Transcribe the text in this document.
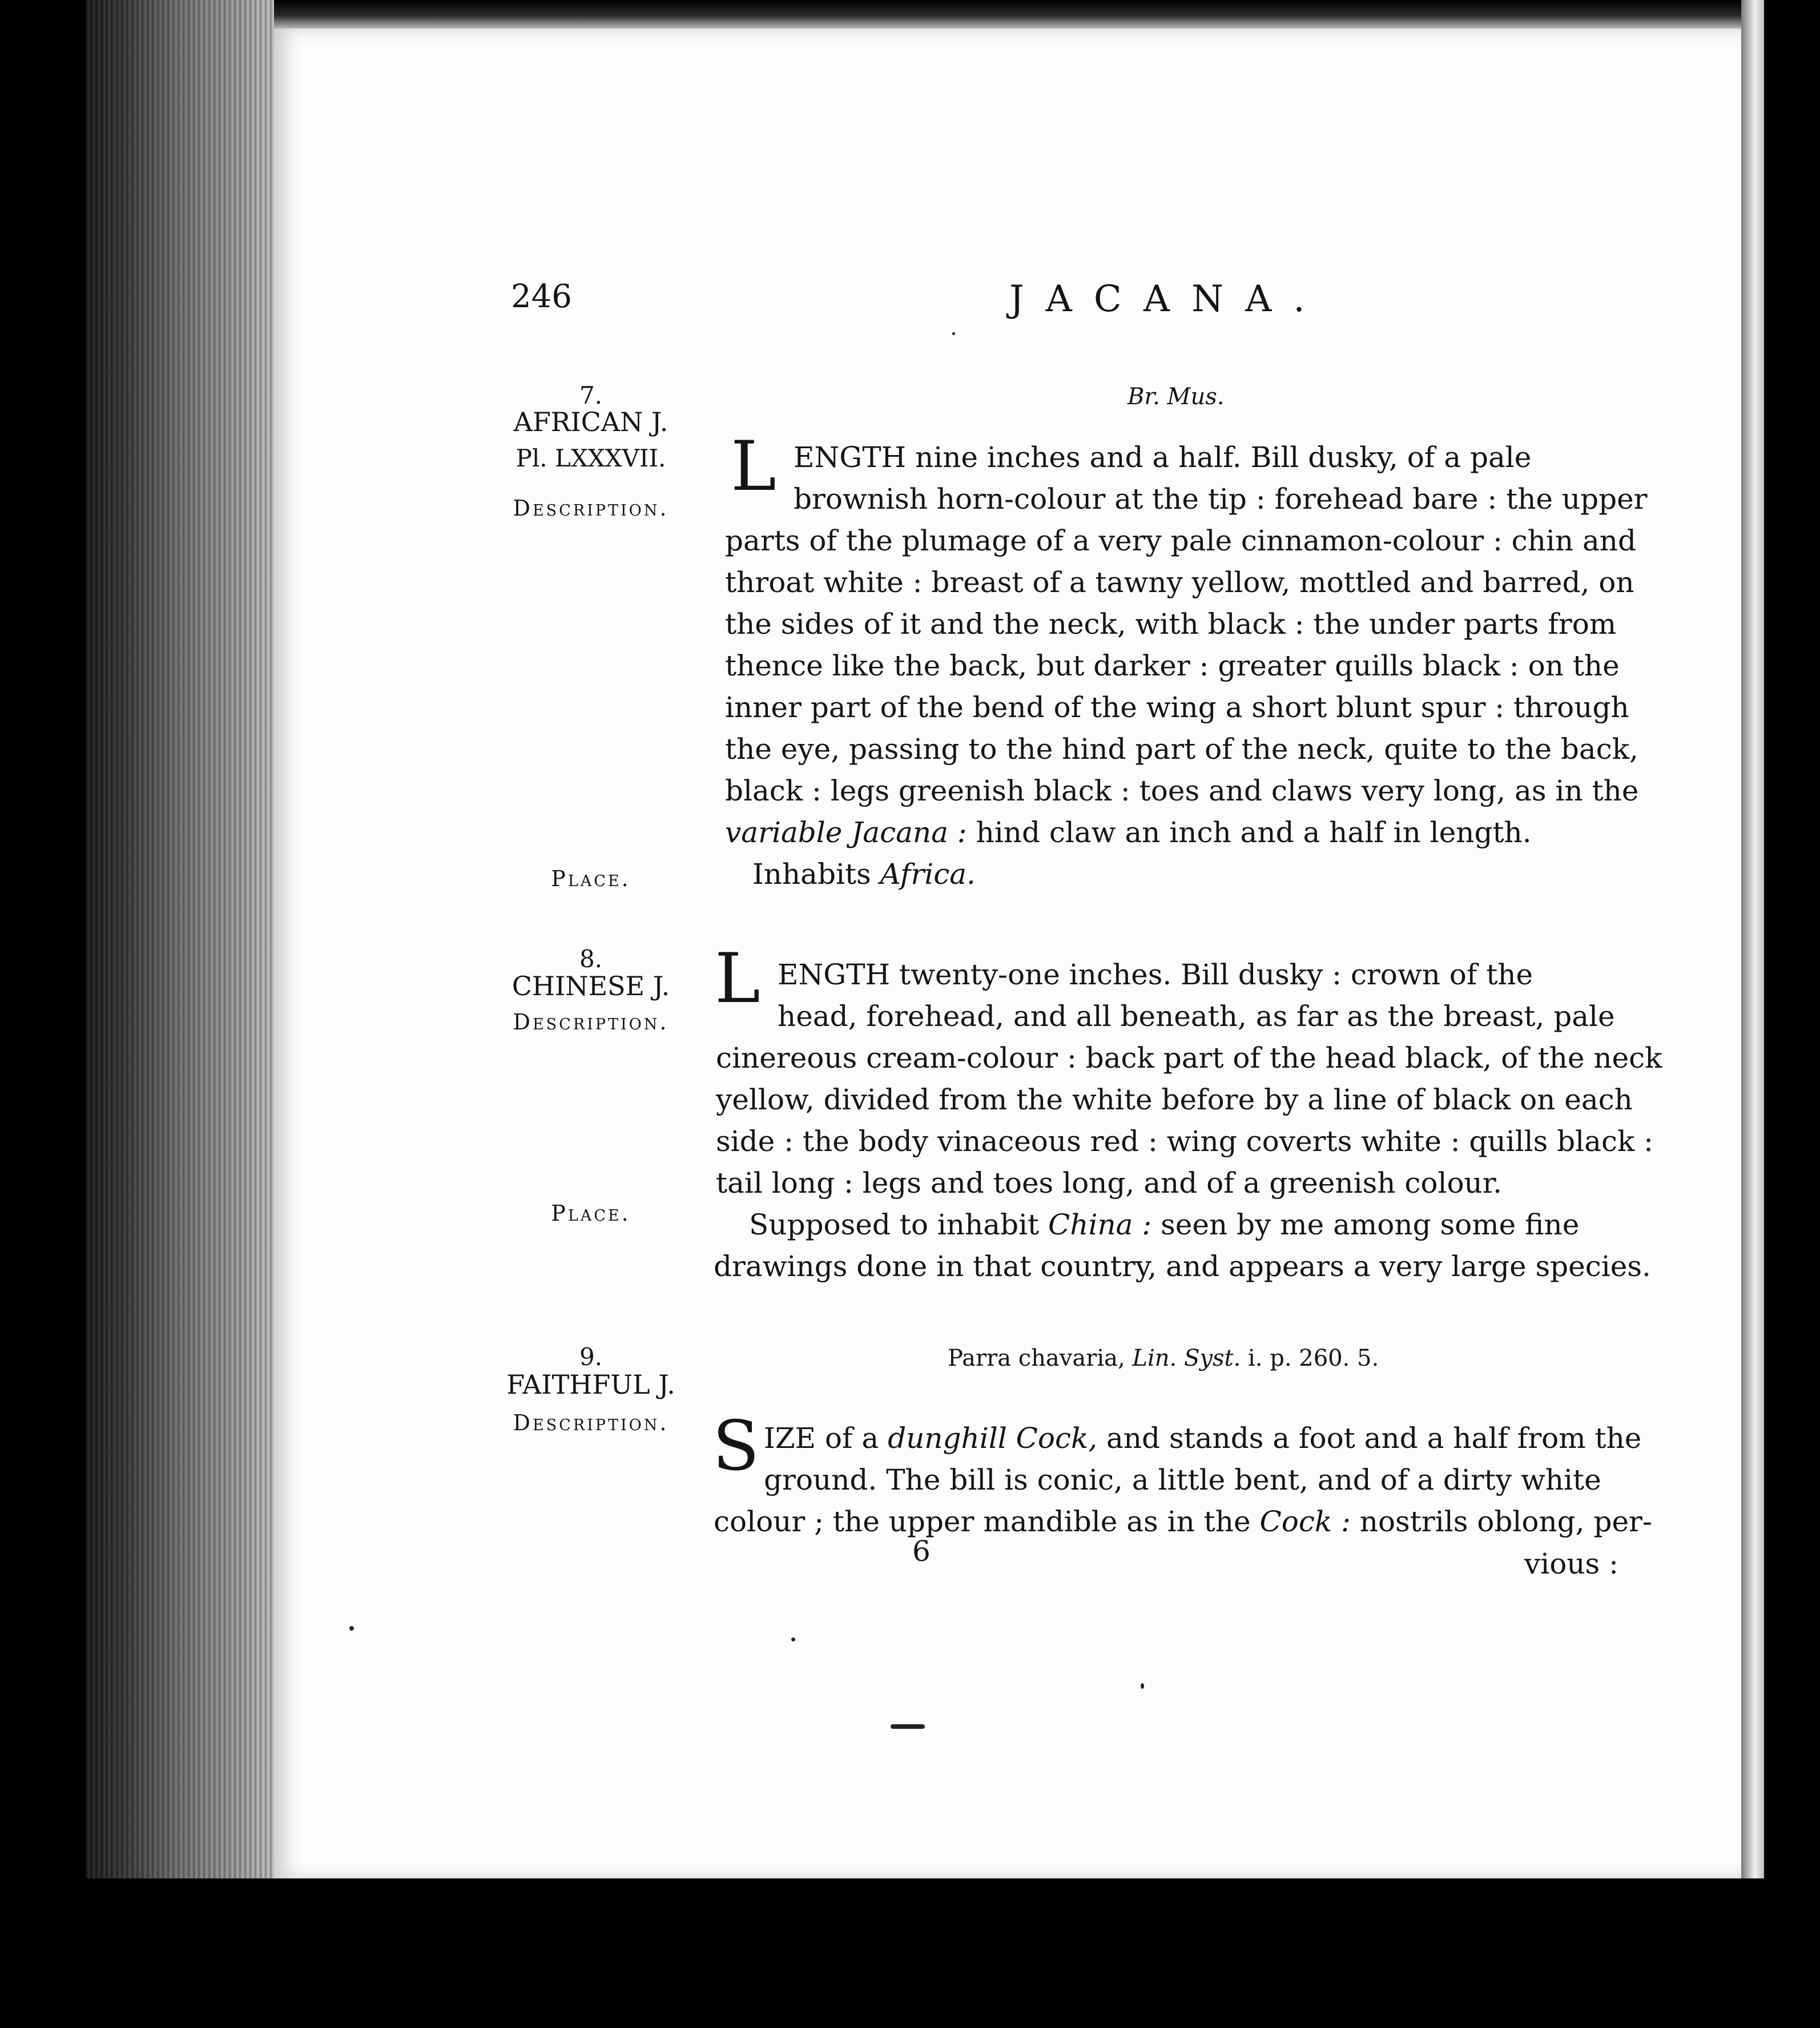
246	JACANA.
7.
AFRICAN J.
Pl. LXXXVII.
Description.
Place.
Br. Mus.
L ENGTH nine inches and a half. Bill dusky, of a pale
brownish horn-colour at the tip : forehead bare : the upper
parts of the plumage of a very pale cinnamon-colour : chin and
throat white : breast of a tawny yellow, mottled and barred, on
the sides of it and the neck, with black : the under parts from
thence like the back, but darker : greater quills black : on the
inner part of the bend of the wing a short blunt spur : through
the eye, passing to the hind part of the neck, quite to the back,
black : legs greenish black : toes and claws very long, as in the
variable Jacana : hind claw an inch and a half in length.
Inhabits Africa.
8.
CHINESE J.
Description.
Place.
L ENGTH twenty-one inches. Bill dusky : crown of the
head, forehead, and all beneath, as far as the breast, pale
cinereous cream-colour : back part of the head black, of the neck
yellow, divided from the white before by a line of black on each
side : the body vinaceous red : wing coverts white : quills black :
tail long : legs and toes long, and of a greenish colour.
Supposed to inhabit China : seen by me among some fine
drawings done in that country, and appears a very large species.
9.
FAITHFUL J.
Description.
Parra chavaria, Lin. Syst. i. p. 260. 5.
S IZE of a dunghill Cock, and stands a foot and a half from the
ground. The bill is conic, a little bent, and of a dirty white
colour ; the upper mandible as in the Cock : nostrils oblong, per-
6	vious :
